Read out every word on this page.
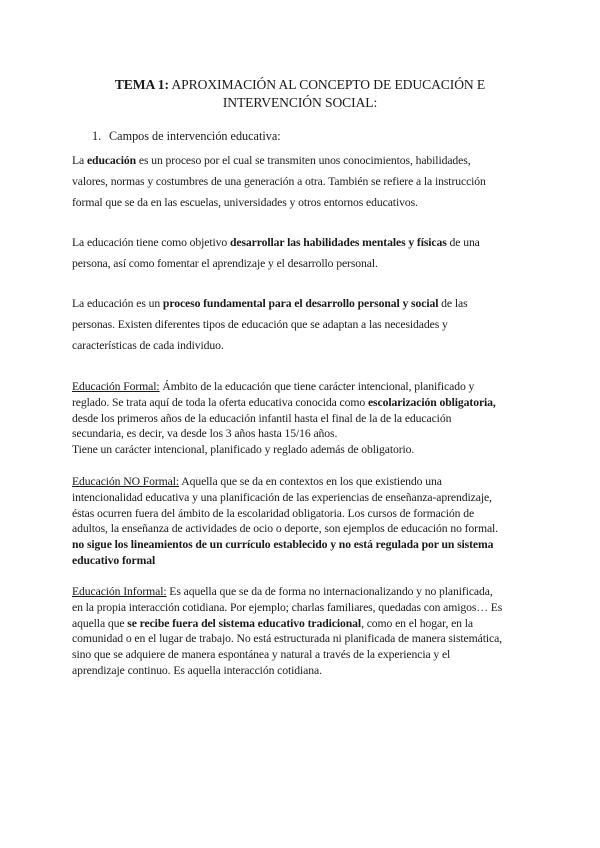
TEMA 1: APROXIMACIÓN AL CONCEPTO DE EDUCACIÓN E
INTERVENCIÓN SOCIAL:
1. Campos de intervención educativa:
La educación es un proceso por el cual se transmiten unos conocimientos, habilidades,
valores, normas y costumbres de una generación a otra. También se refiere a la instrucción
formal que se da en las escuelas, universidades y otros entornos educativos.
La educación tiene como objetivo desarrollar las habilidades mentales y físicas de una
persona, así como fomentar el aprendizaje y el desarrollo personal.
La educación es un proceso fundamental para el desarrollo personal y social de las
personas. Existen diferentes tipos de educación que se adaptan a las necesidades y
características de cada individuo.
Educación Formal: Ámbito de la educación que tiene carácter intencional, planificado y
reglado. Se trata aquí de toda la oferta educativa conocida como escolarización obligatoria,
desde los primeros años de la educación infantil hasta el final de la de la educación
secundaria, es decir, va desde los 3 años hasta 15/16 años.
Tiene un carácter intencional, planificado y reglado además de obligatorio.
Educación NO Formal: Aquella que se da en contextos en los que existiendo una
intencionalidad educativa y una planificación de las experiencias de enseñanza-aprendizaje,
éstas ocurren fuera del ámbito de la escolaridad obligatoria. Los cursos de formación de
adultos, la enseñanza de actividades de ocio o deporte, son ejemplos de educación no formal.
no sigue los lineamientos de un currículo establecido y no está regulada por un sistema
educativo formal
Educación Informal: Es aquella que se da de forma no internacionalizando y no planificada,
en la propia interacción cotidiana. Por ejemplo; charlas familiares, quedadas con amigos… Es
aquella que se recibe fuera del sistema educativo tradicional, como en el hogar, en la
comunidad o en el lugar de trabajo. No está estructurada ni planificada de manera sistemática,
sino que se adquiere de manera espontánea y natural a través de la experiencia y el
aprendizaje continuo. Es aquella interacción cotidiana.
